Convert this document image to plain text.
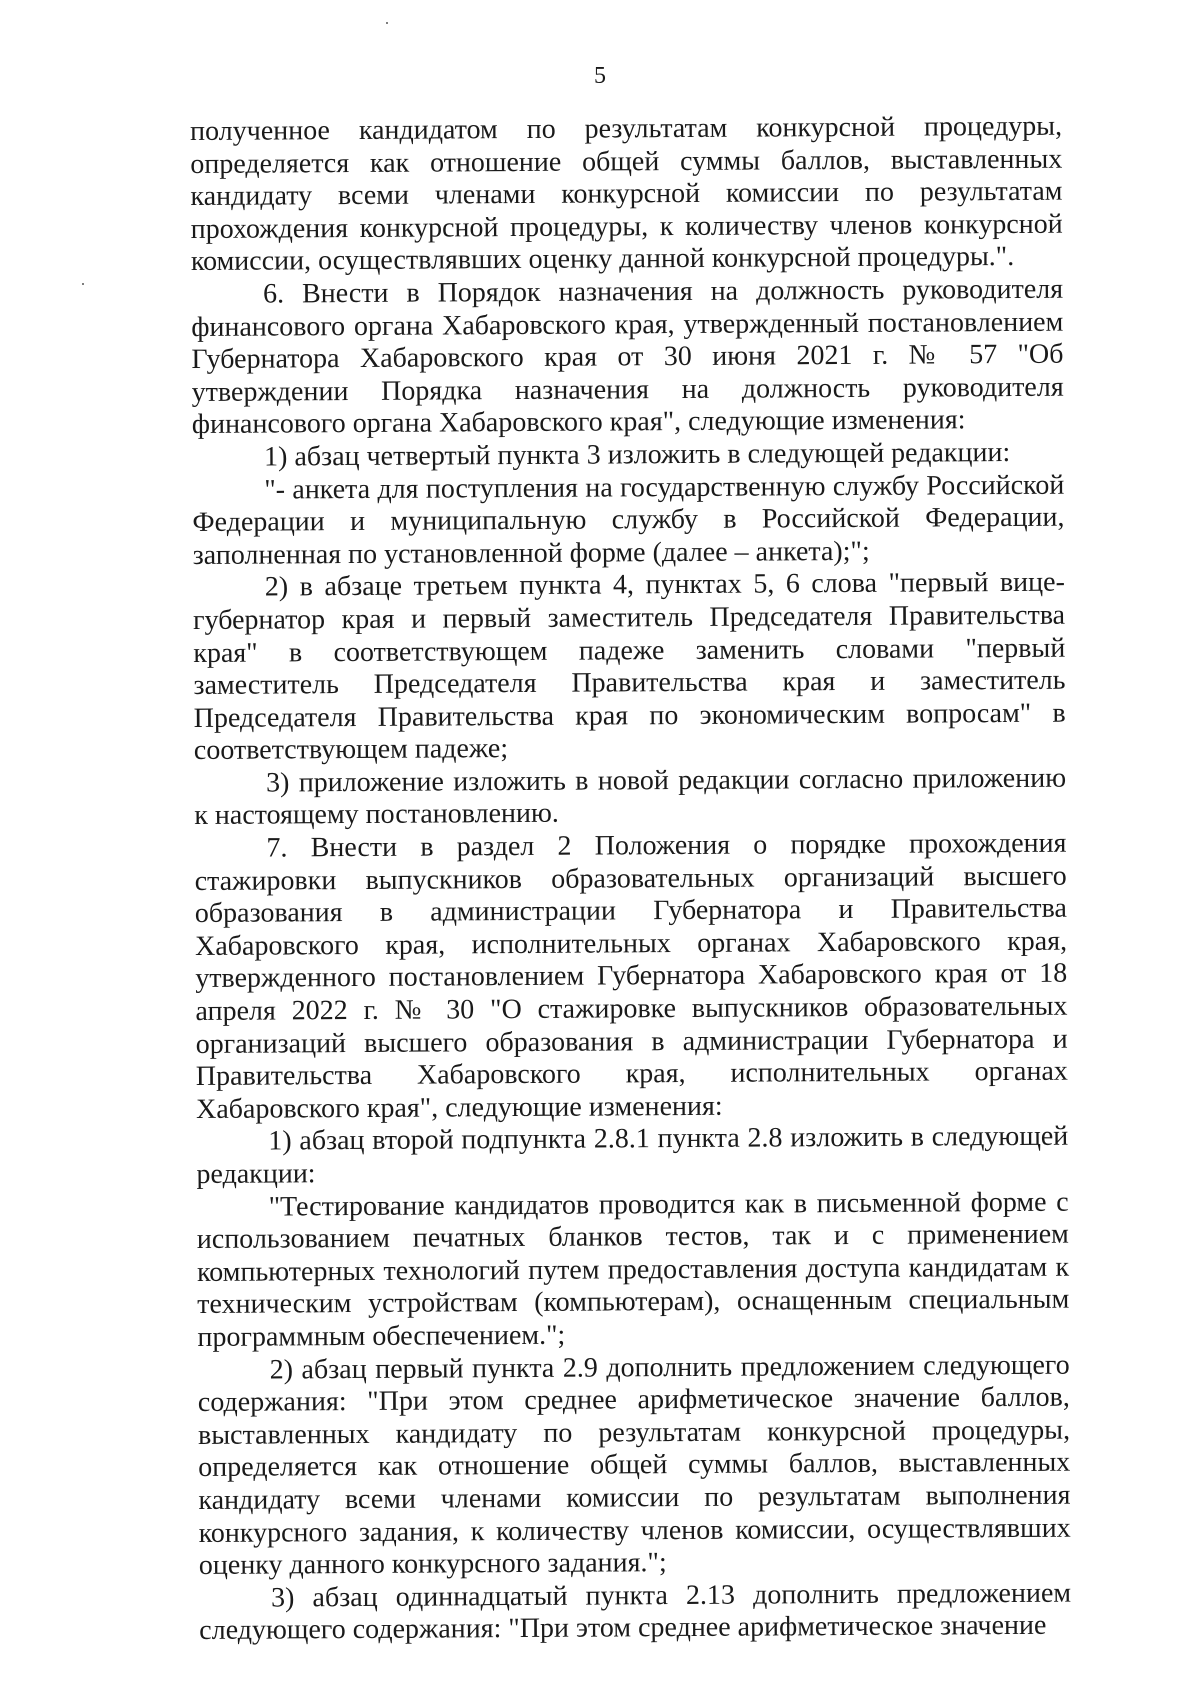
5

полученное кандидатом по результатам конкурсной процедуры, определяется как отношение общей суммы баллов, выставленных кандидату всеми членами конкурсной комиссии по результатам прохождения конкурсной процедуры, к количеству членов конкурсной комиссии, осуществлявших оценку данной конкурсной процедуры.".

6. Внести в Порядок назначения на должность руководителя финансового органа Хабаровского края, утвержденный постановлением Губернатора Хабаровского края от 30 июня 2021 г. № 57 "Об утверждении Порядка назначения на должность руководителя финансового органа Хабаровского края", следующие изменения:

1) абзац четвертый пункта 3 изложить в следующей редакции:

"- анкета для поступления на государственную службу Российской Федерации и муниципальную службу в Российской Федерации, заполненная по установленной форме (далее – анкета);";

2) в абзаце третьем пункта 4, пунктах 5, 6 слова "первый вице-губернатор края и первый заместитель Председателя Правительства края" в соответствующем падеже заменить словами "первый заместитель Председателя Правительства края и заместитель Председателя Правительства края по экономическим вопросам" в соответствующем падеже;

3) приложение изложить в новой редакции согласно приложению к настоящему постановлению.

7. Внести в раздел 2 Положения о порядке прохождения стажировки выпускников образовательных организаций высшего образования в администрации Губернатора и Правительства Хабаровского края, исполнительных органах Хабаровского края, утвержденного постановлением Губернатора Хабаровского края от 18 апреля 2022 г. № 30 "О стажировке выпускников образовательных организаций высшего образования в администрации Губернатора и Правительства Хабаровского края, исполнительных органах Хабаровского края", следующие изменения:

1) абзац второй подпункта 2.8.1 пункта 2.8 изложить в следующей редакции:

"Тестирование кандидатов проводится как в письменной форме с использованием печатных бланков тестов, так и с применением компьютерных технологий путем предоставления доступа кандидатам к техническим устройствам (компьютерам), оснащенным специальным программным обеспечением.";

2) абзац первый пункта 2.9 дополнить предложением следующего содержания: "При этом среднее арифметическое значение баллов, выставленных кандидату по результатам конкурсной процедуры, определяется как отношение общей суммы баллов, выставленных кандидату всеми членами комиссии по результатам выполнения конкурсного задания, к количеству членов комиссии, осуществлявших оценку данного конкурсного задания.";

3) абзац одиннадцатый пункта 2.13 дополнить предложением следующего содержания: "При этом среднее арифметическое значение
